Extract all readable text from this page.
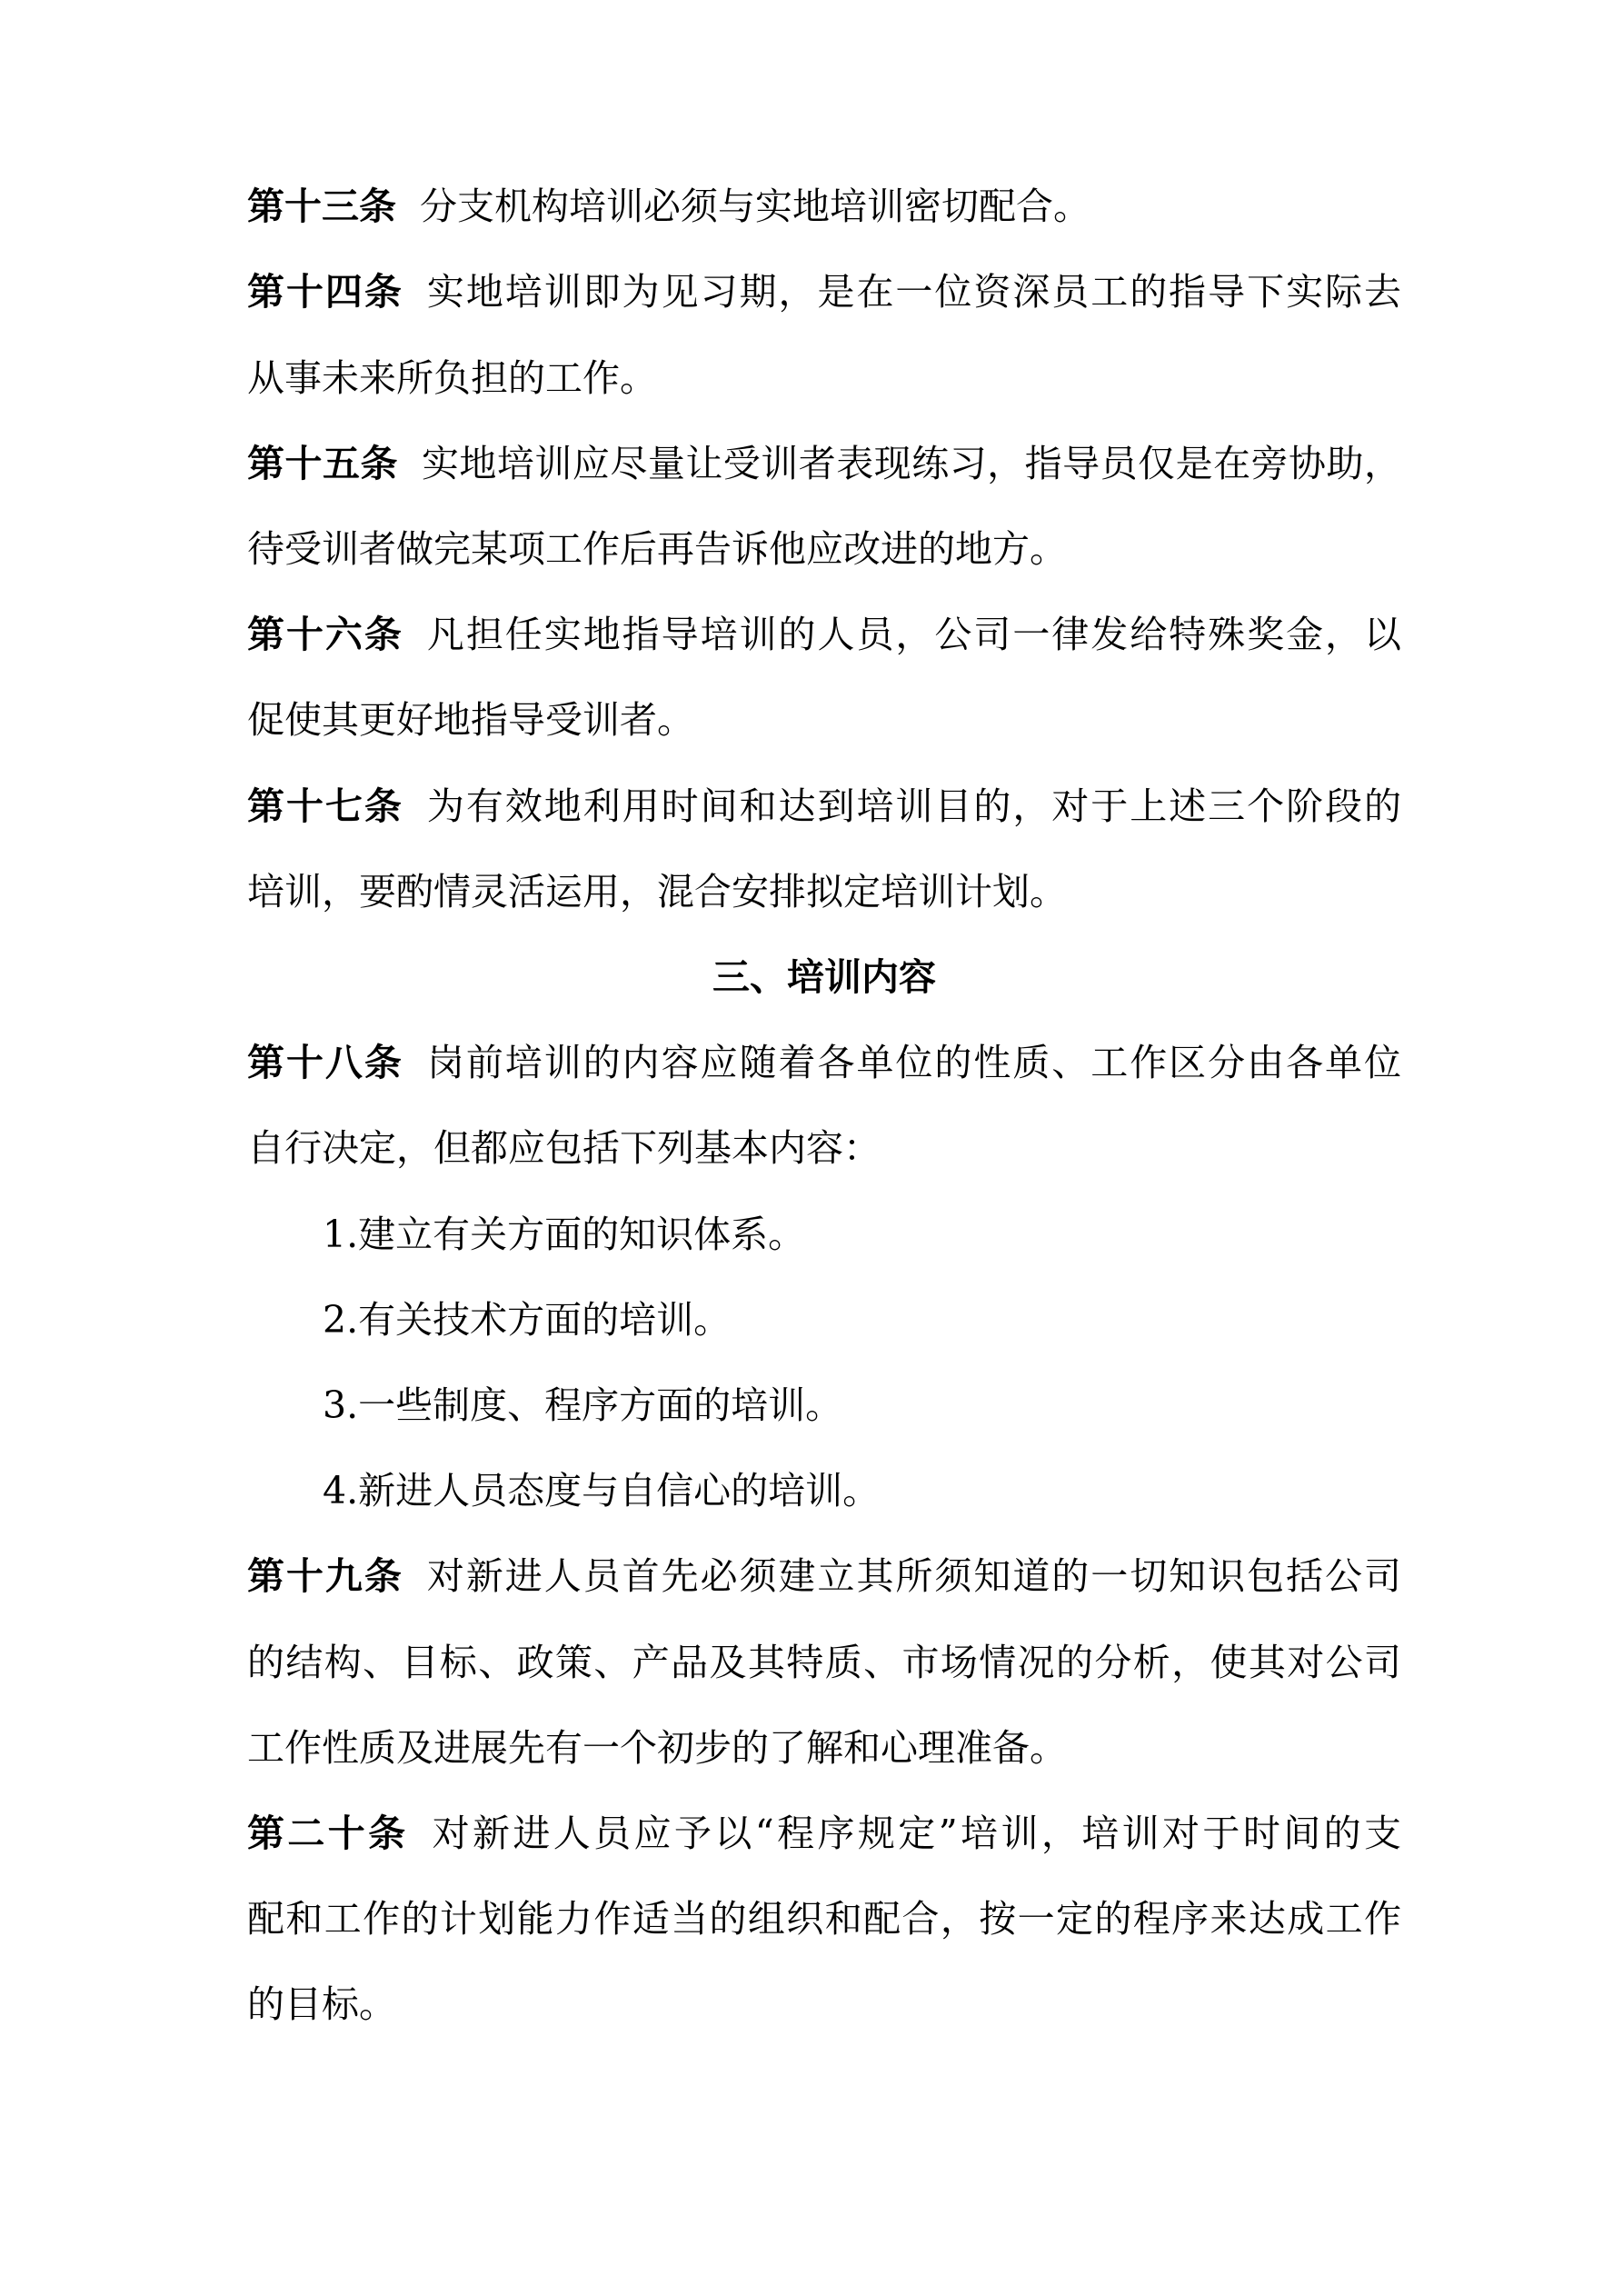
第十三条 分支机构培训必须与实地培训密切配合。
第十四条 实地培训即为见习期，是在一位资深员工的指导下实际去
从事未来所负担的工作。
第十五条 实地培训应尽量让受训者表现练习，指导员仅是在旁协助，
待受训者做完某项工作后再告诉他应改进的地方。
第十六条 凡担任实地指导培训的人员，公司一律发给特殊奖金，以
促使其更好地指导受训者。
第十七条 为有效地利用时间和达到培训目的，对于上述三个阶段的
培训，要酌情灵活运用，混合安排拟定培训计划。
三、培训内容
第十八条 岗前培训的内容应随着各单位的性质、工作区分由各单位
自行决定，但都应包括下列基本内容：
1.建立有关方面的知识体系。
2.有关技术方面的培训。
3.一些制度、程序方面的培训。
4.新进人员态度与自信心的培训。
第十九条 对新进人员首先必须建立其所须知道的一切知识包括公司
的结构、目标、政策、产品及其特质、市场情况的分析，使其对公司
工作性质及进展先有一个初步的了解和心理准备。
第二十条 对新进人员应予以“程序规定”培训，培训对于时间的支
配和工作的计划能力作适当的组织和配合，按一定的程序来达成工作
的目标。
